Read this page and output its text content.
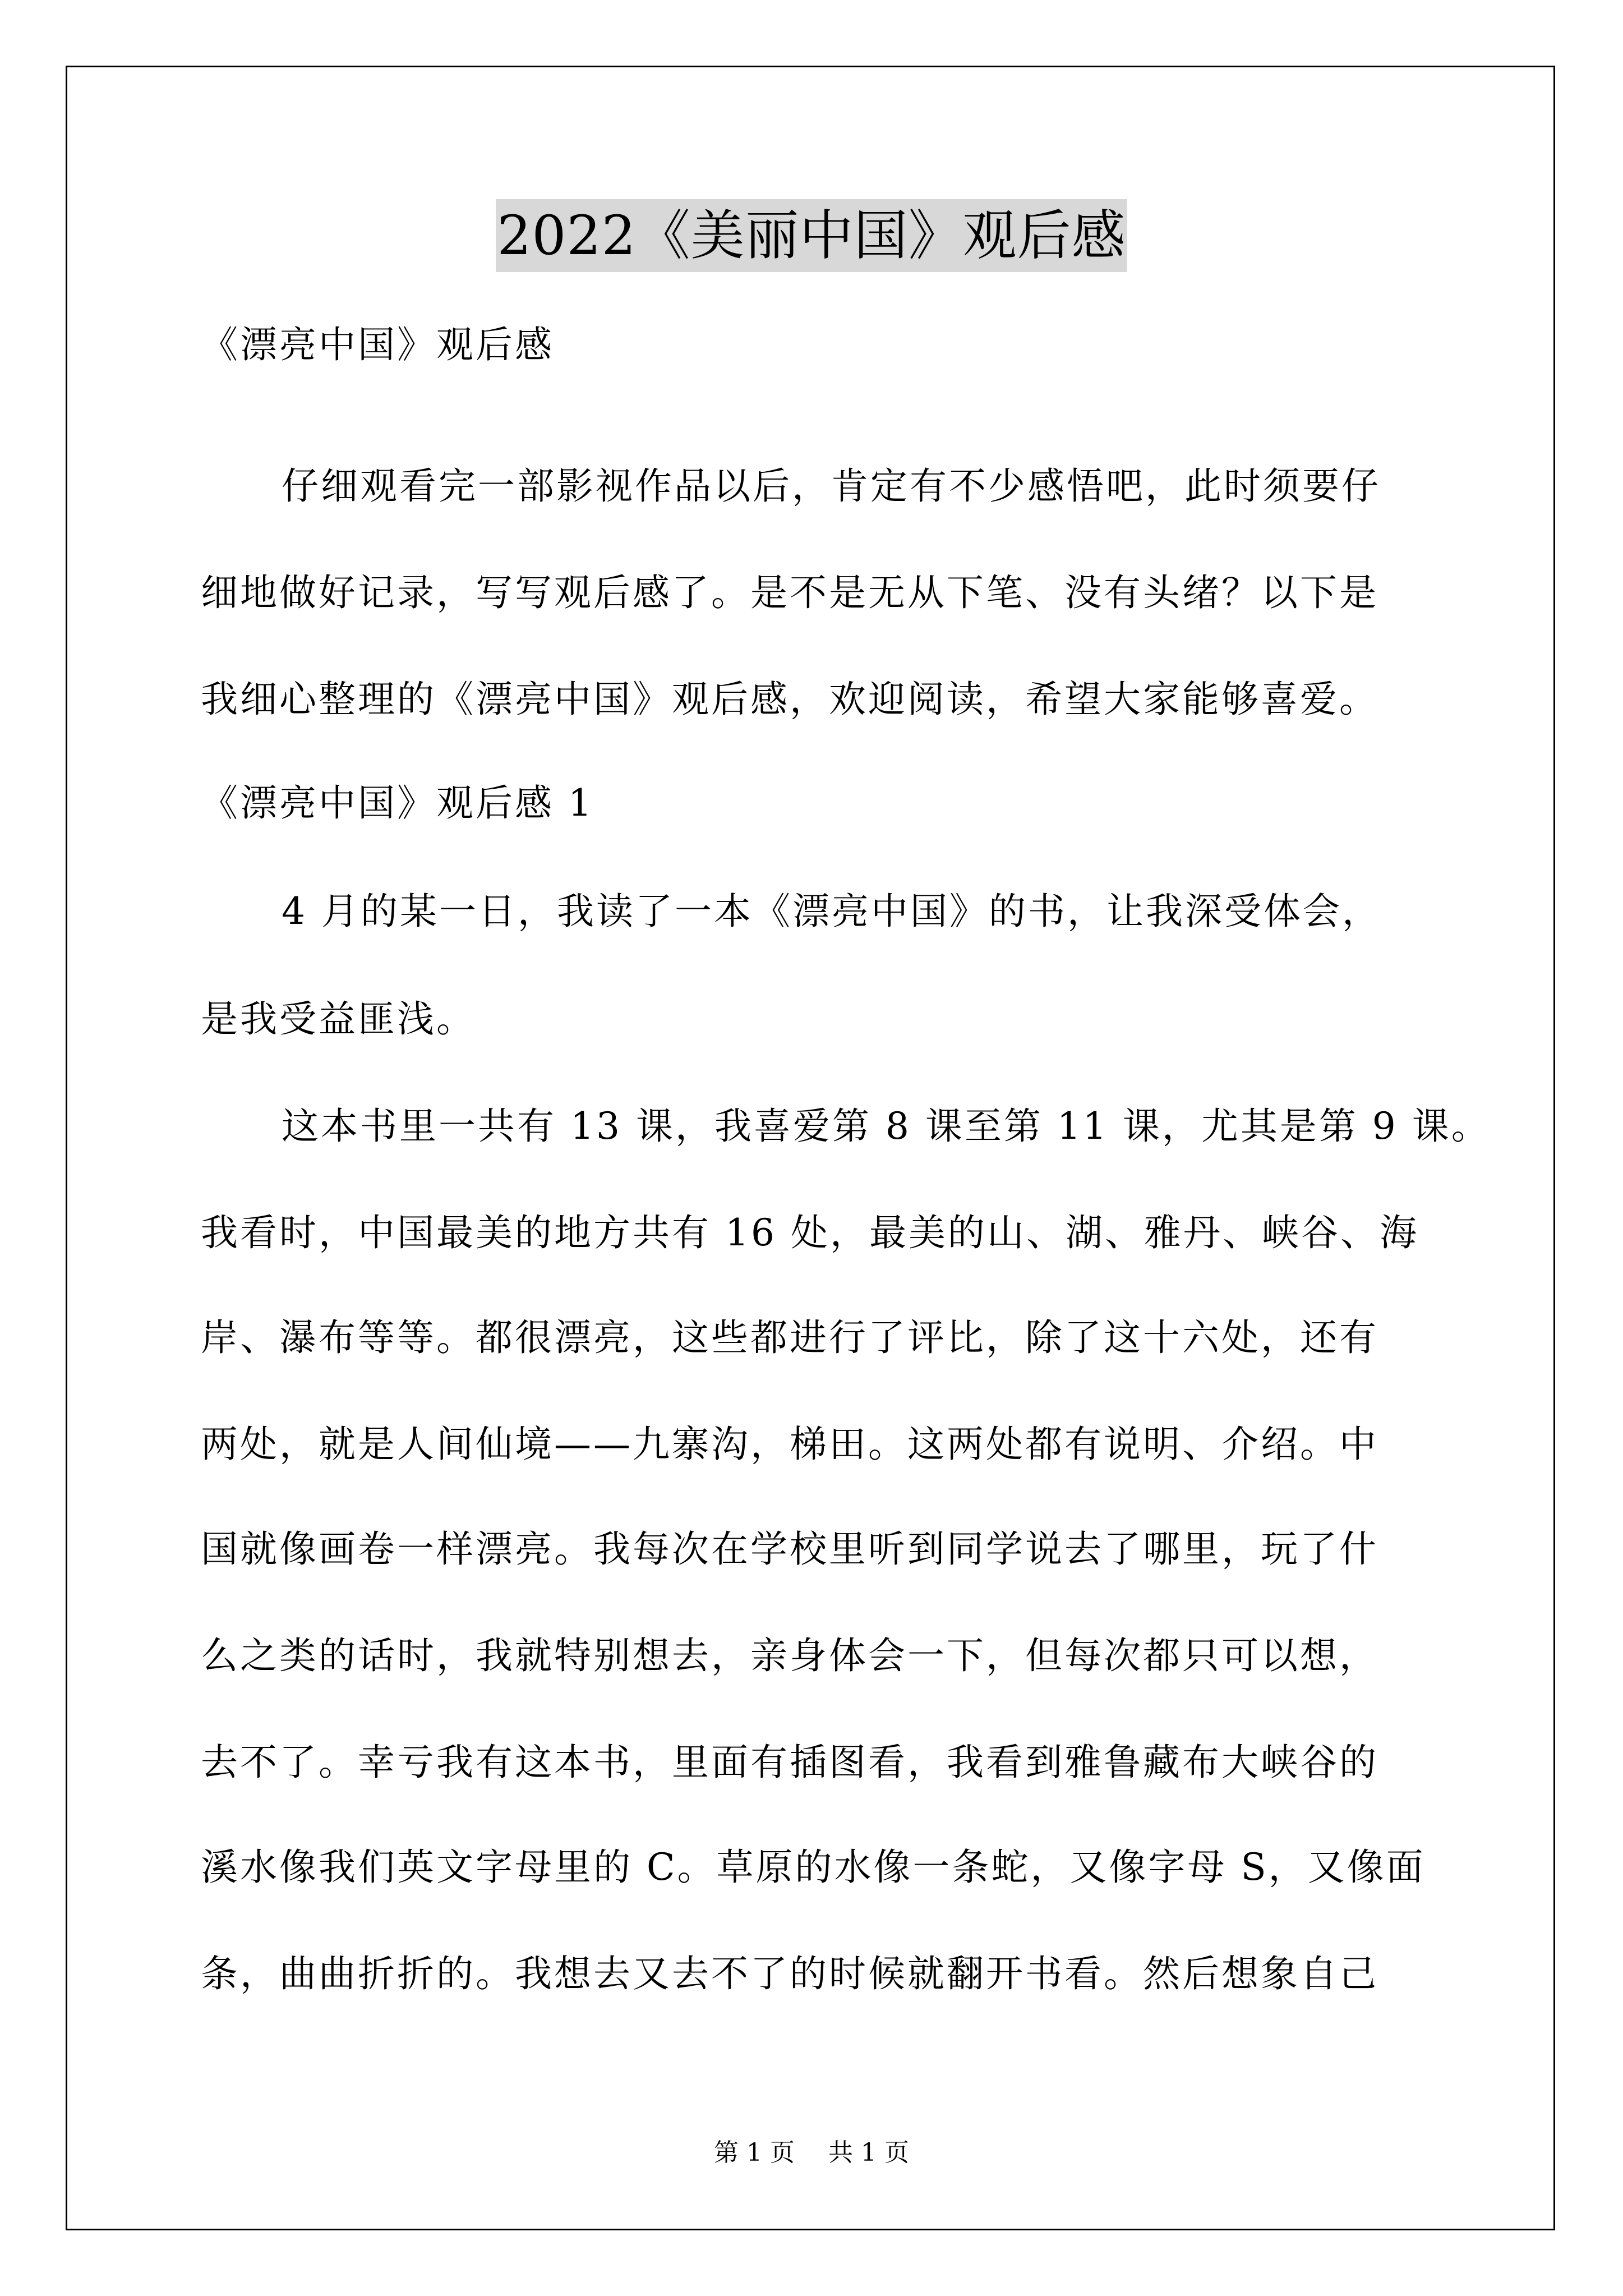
2022《美丽中国》观后感
《漂亮中国》观后感
仔细观看完一部影视作品以后，肯定有不少感悟吧，此时须要仔
细地做好记录，写写观后感了。是不是无从下笔、没有头绪？以下是
我细心整理的《漂亮中国》观后感，欢迎阅读，希望大家能够喜爱。
《漂亮中国》观后感 1
4 月的某一日，我读了一本《漂亮中国》的书，让我深受体会，
是我受益匪浅。
这本书里一共有 13 课，我喜爱第 8 课至第 11 课，尤其是第 9 课。
我看时，中国最美的地方共有 16 处，最美的山、湖、雅丹、峡谷、海
岸、瀑布等等。都很漂亮，这些都进行了评比，除了这十六处，还有
两处，就是人间仙境——九寨沟，梯田。这两处都有说明、介绍。中
国就像画卷一样漂亮。我每次在学校里听到同学说去了哪里，玩了什
么之类的话时，我就特别想去，亲身体会一下，但每次都只可以想，
去不了。幸亏我有这本书，里面有插图看，我看到雅鲁藏布大峡谷的
溪水像我们英文字母里的 C。草原的水像一条蛇，又像字母 S，又像面
条，曲曲折折的。我想去又去不了的时候就翻开书看。然后想象自己
第 1 页 共 1 页
